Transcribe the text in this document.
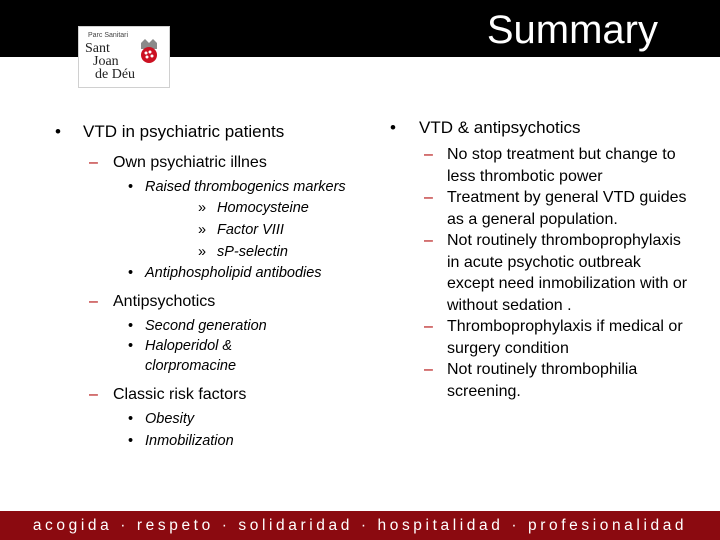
Summary
Parc Sanitari
Sant
Joan
de Déu
• VTD in psychiatric patients
– Own psychiatric illnes
• Raised thrombogenics markers
» Homocysteine
» Factor VIII
» sP-selectin
• Antiphospholipid antibodies
– Antipsychotics
• Second generation
• Haloperidol & clorpromacine
– Classic risk factors
• Obesity
• Inmobilization
• VTD & antipsychotics
– No stop treatment but change to less thrombotic power
– Treatment by general VTD guides as a general population.
– Not routinely thromboprophylaxis in acute psychotic outbreak except need inmobilization with or without sedation .
– Thromboprophylaxis if medical or surgery condition
– Not routinely thrombophilia screening.
acogida · respeto · solidaridad · hospitalidad · profesionalidad
